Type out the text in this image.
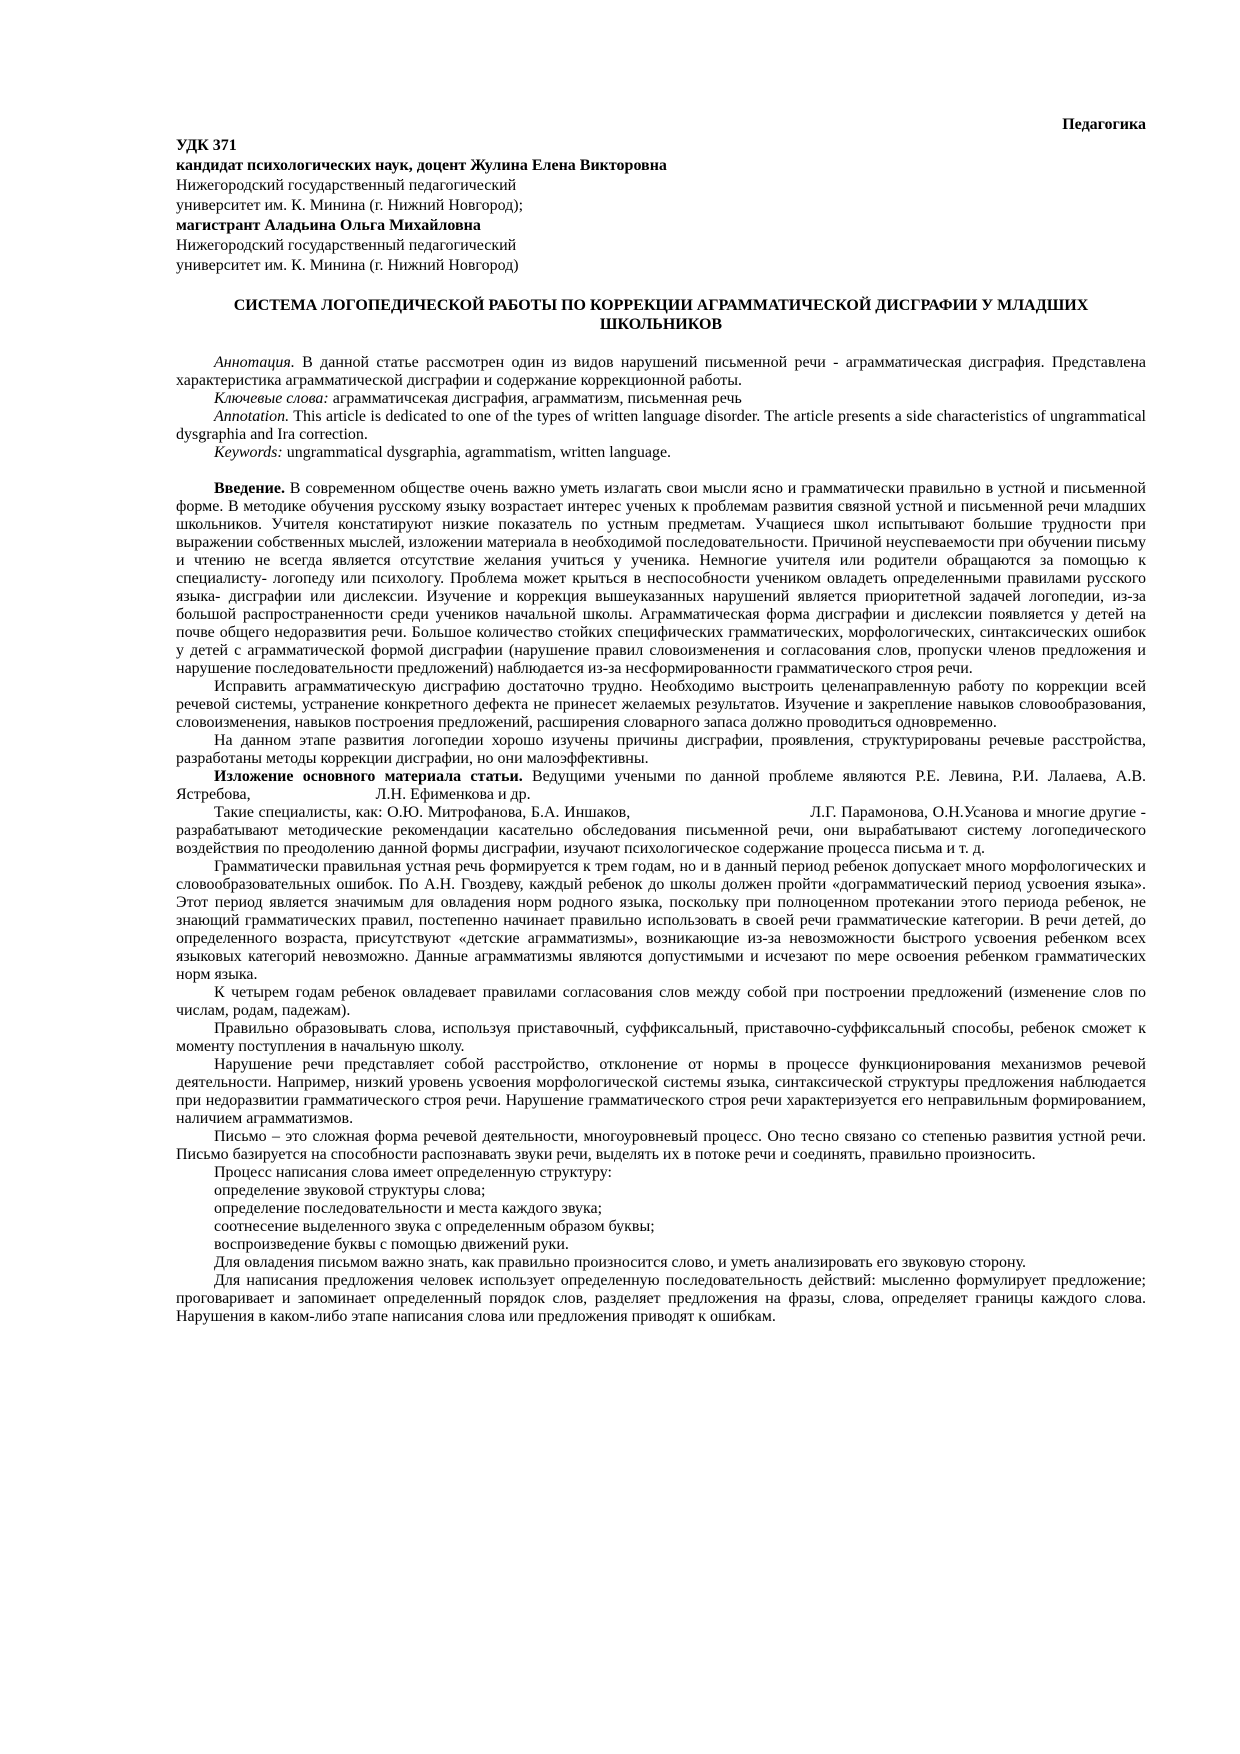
Педагогика
УДК 371
кандидат психологических наук, доцент Жулина Елена Викторовна
Нижегородский государственный педагогический
университет им. К. Минина (г. Нижний Новгород);
магистрант Аладьина Ольга Михайловна
Нижегородский государственный педагогический
университет им. К. Минина (г. Нижний Новгород)
СИСТЕМА ЛОГОПЕДИЧЕСКОЙ РАБОТЫ ПО КОРРЕКЦИИ АГРАММАТИЧЕСКОЙ ДИСГРАФИИ У МЛАДШИХ ШКОЛЬНИКОВ

Аннотация. В данной статье рассмотрен один из видов нарушений письменной речи - аграмматическая дисграфия. Представлена характеристика аграмматической дисграфии и содержание коррекционной работы.

Ключевые слова: аграмматичсекая дисграфия, аграмматизм, письменная речь

Annotation. This article is dedicated to one of the types of written language disorder. The article presents a side characteristics of ungrammatical dysgraphia and Ira correction.

Keywords: ungrammatical dysgraphia, agrammatism, written language.

Введение. В современном обществе очень важно уметь излагать свои мысли ясно и грамматически правильно в устной и письменной форме. В методике обучения русскому языку возрастает интерес ученых к проблемам развития связной устной и письменной речи младших школьников. Учителя констатируют низкие показатель по устным предметам. Учащиеся школ испытывают большие трудности при выражении собственных мыслей, изложении материала в необходимой последовательности. Причиной неуспеваемости при обучении письму и чтению не всегда является отсутствие желания учиться у ученика. Немногие учителя или родители обращаются за помощью к специалисту- логопеду или психологу. Проблема может крыться в неспособности учеником овладеть определенными правилами русского языка- дисграфии или дислексии. Изучение и коррекция вышеуказанных нарушений является приоритетной задачей логопедии, из-за большой распространенности среди учеников начальной школы. Аграмматическая форма дисграфии и дислексии появляется у детей на почве общего недоразвития речи. Большое количество стойких специфических грамматических, морфологических, синтаксических ошибок у детей с аграмматической формой дисграфии (нарушение правил словоизменения и согласования слов, пропуски членов предложения и нарушение последовательности предложений) наблюдается из-за несформированности грамматического строя речи.

Исправить аграмматическую дисграфию достаточно трудно. Необходимо выстроить целенаправленную работу по коррекции всей речевой системы, устранение конкретного дефекта не принесет желаемых результатов. Изучение и закрепление навыков словообразования, словоизменения, навыков построения предложений, расширения словарного запаса должно проводиться одновременно.

На данном этапе развития логопедии хорошо изучены причины дисграфии, проявления, структурированы речевые расстройства, разработаны методы коррекции дисграфии, но они малоэффективны.

Изложение основного материала статьи. Ведущими учеными по данной проблеме являются Р.Е. Левина, Р.И. Лалаева, А.В. Ястребова,	Л.Н. Ефименкова и др.

Такие специалисты, как: О.Ю. Митрофанова, Б.А. Иншаков,	Л.Г. Парамонова, О.Н.Усанова и многие другие - разрабатывают методические рекомендации касательно обследования письменной речи, они вырабатывают систему логопедического воздействия по преодолению данной формы дисграфии, изучают психологическое содержание процесса письма и т. д.

Грамматически правильная устная речь формируется к трем годам, но и в данный период ребенок допускает много морфологических и словообразовательных ошибок. По А.Н. Гвоздеву, каждый ребенок до школы должен пройти «дограмматический период усвоения языка». Этот период является значимым для овладения норм родного языка, поскольку при полноценном протекании этого периода ребенок, не знающий грамматических правил, постепенно начинает правильно использовать в своей речи грамматические категории. В речи детей, до определенного возраста, присутствуют «детские аграмматизмы», возникающие из-за невозможности быстрого усвоения ребенком всех языковых категорий невозможно. Данные аграмматизмы являются допустимыми и исчезают по мере освоения ребенком грамматических норм языка.

К четырем годам ребенок овладевает правилами согласования слов между собой при построении предложений (изменение слов по числам, родам, падежам).

Правильно образовывать слова, используя приставочный, суффиксальный, приставочно-суффиксальный способы, ребенок сможет к моменту поступления в начальную школу.

Нарушение речи представляет собой расстройство, отклонение от нормы в процессе функционирования механизмов речевой деятельности. Например, низкий уровень усвоения морфологической системы языка, синтаксической структуры предложения наблюдается при недоразвитии грамматического строя речи. Нарушение грамматического строя речи характеризуется его неправильным формированием, наличием аграмматизмов.

Письмо – это сложная форма речевой деятельности, многоуровневый процесс. Оно тесно связано со степенью развития устной речи. Письмо базируется на способности распознавать звуки речи, выделять их в потоке речи и соединять, правильно произносить.

Процесс написания слова имеет определенную структуру:

определение звуковой структуры слова;

определение последовательности и места каждого звука;

соотнесение выделенного звука с определенным образом буквы;

воспроизведение буквы с помощью движений руки.

Для овладения письмом важно знать, как правильно произносится слово, и уметь анализировать его звуковую сторону.

Для написания предложения человек использует определенную последовательность действий: мысленно формулирует предложение; проговаривает и запоминает определенный порядок слов, разделяет предложения на фразы, слова, определяет границы каждого слова. Нарушения в каком-либо этапе написания слова или предложения приводят к ошибкам.
